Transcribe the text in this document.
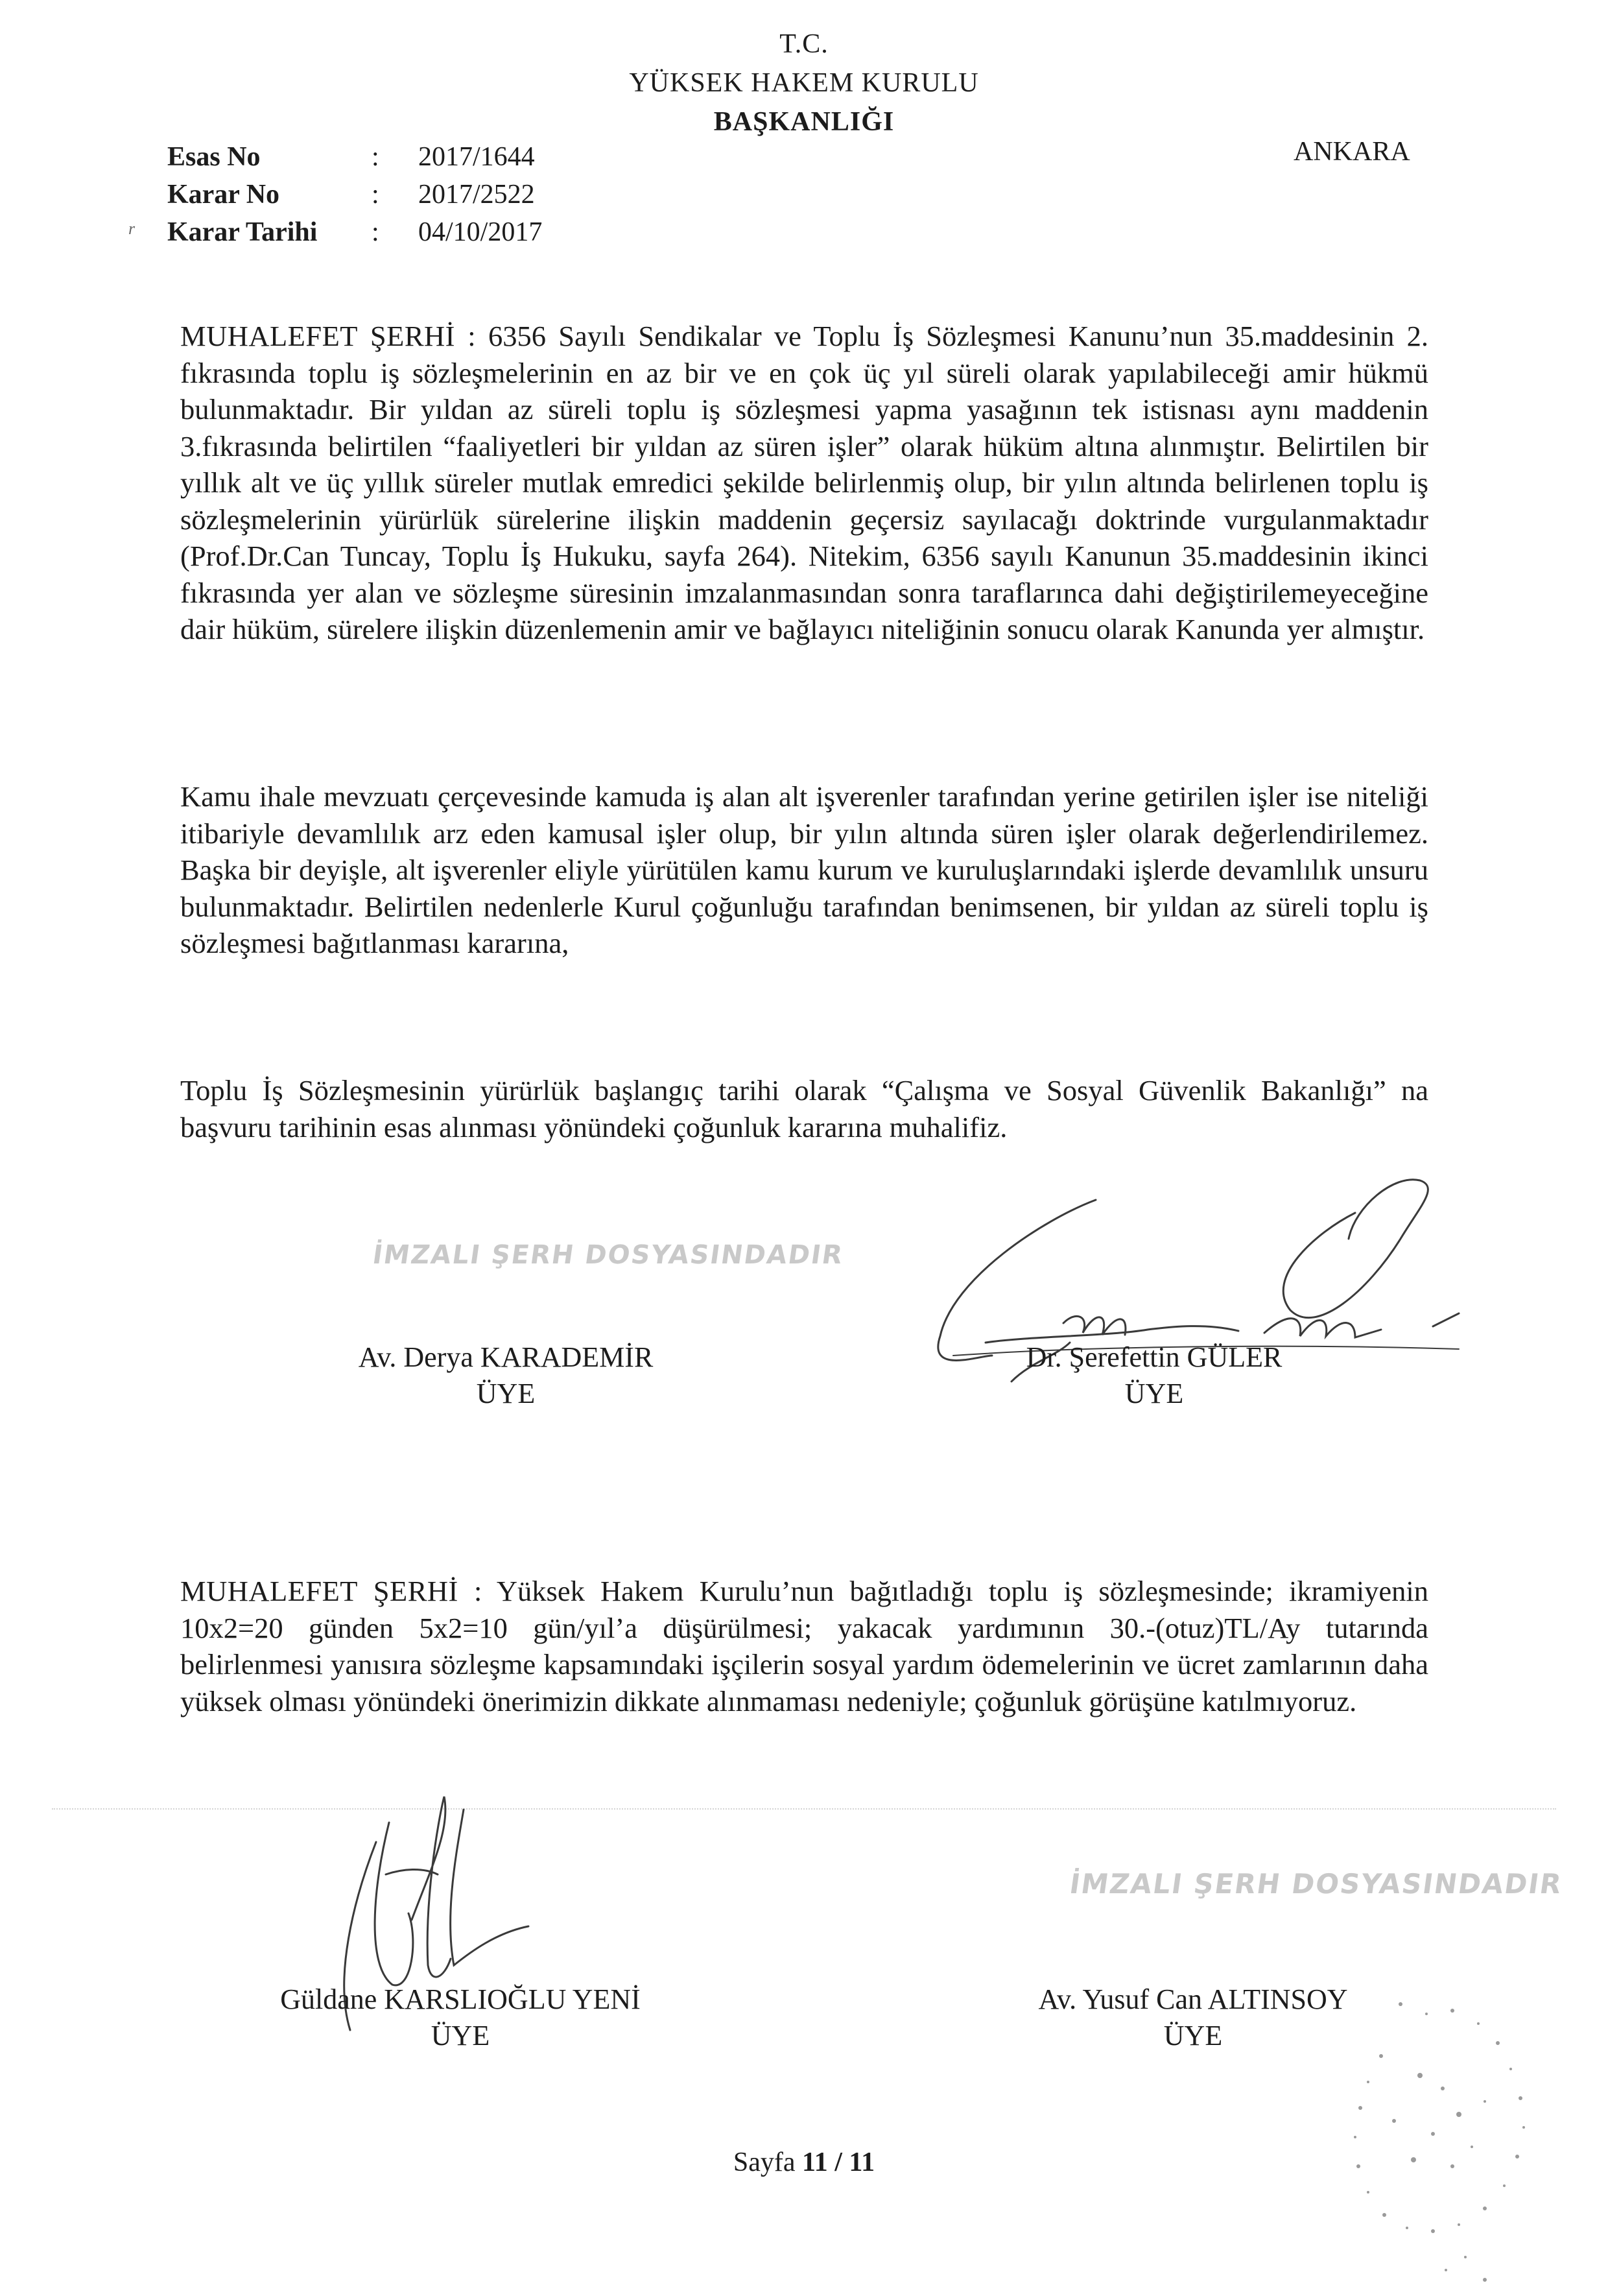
T.C.
YÜKSEK HAKEM KURULU
BAŞKANLIĞI
ANKARA
Esas No	: 2017/1644
Karar No	: 2017/2522
Karar Tarihi : 04/10/2017
r
MUHALEFET ŞERHİ : 6356 Sayılı Sendikalar ve Toplu İş Sözleşmesi Kanunu’nun 35.maddesinin 2. fıkrasında toplu iş sözleşmelerinin en az bir ve en çok üç yıl süreli olarak yapılabileceği amir hükmü bulunmaktadır. Bir yıldan az süreli toplu iş sözleşmesi yapma yasağının tek istisnası aynı maddenin 3.fıkrasında belirtilen “faaliyetleri bir yıldan az süren işler” olarak hüküm altına alınmıştır. Belirtilen bir yıllık alt ve üç yıllık süreler mutlak emredici şekilde belirlenmiş olup, bir yılın altında belirlenen toplu iş sözleşmelerinin yürürlük sürelerine ilişkin maddenin geçersiz sayılacağı doktrinde vurgulanmaktadır (Prof.Dr.Can Tuncay, Toplu İş Hukuku, sayfa 264). Nitekim, 6356 sayılı Kanunun 35.maddesinin ikinci fıkrasında yer alan ve sözleşme süresinin imzalanmasından sonra taraflarınca dahi değiştirilemeyeceğine dair hüküm, sürelere ilişkin düzenlemenin amir ve bağlayıcı niteliğinin sonucu olarak Kanunda yer almıştır.
Kamu ihale mevzuatı çerçevesinde kamuda iş alan alt işverenler tarafından yerine getirilen işler ise niteliği itibariyle devamlılık arz eden kamusal işler olup, bir yılın altında süren işler olarak değerlendirilemez. Başka bir deyişle, alt işverenler eliyle yürütülen kamu kurum ve kuruluşlarındaki işlerde devamlılık unsuru bulunmaktadır. Belirtilen nedenlerle Kurul çoğunluğu tarafından benimsenen, bir yıldan az süreli toplu iş sözleşmesi bağıtlanması kararına,
Toplu İş Sözleşmesinin yürürlük başlangıç tarihi olarak “Çalışma ve Sosyal Güvenlik Bakanlığı” na başvuru tarihinin esas alınması yönündeki çoğunluk kararına muhalifiz.
İMZALI ŞERH DOSYASINDADIR
Av. Derya KARADEMİR
ÜYE
Dr. Şerefettin GÜLER
ÜYE
MUHALEFET ŞERHİ : Yüksek Hakem Kurulu’nun bağıtladığı toplu iş sözleşmesinde; ikramiyenin 10x2=20 günden 5x2=10 gün/yıl’a düşürülmesi; yakacak yardımının 30.-(otuz)TL/Ay tutarında belirlenmesi yanısıra sözleşme kapsamındaki işçilerin sosyal yardım ödemelerinin ve ücret zamlarının daha yüksek olması yönündeki önerimizin dikkate alınmaması nedeniyle; çoğunluk görüşüne katılmıyoruz.
Güldane KARSLIOĞLU YENİ
ÜYE
İMZALI ŞERH DOSYASINDADIR
Av. Yusuf Can ALTINSOY
ÜYE
Sayfa 11 / 11
